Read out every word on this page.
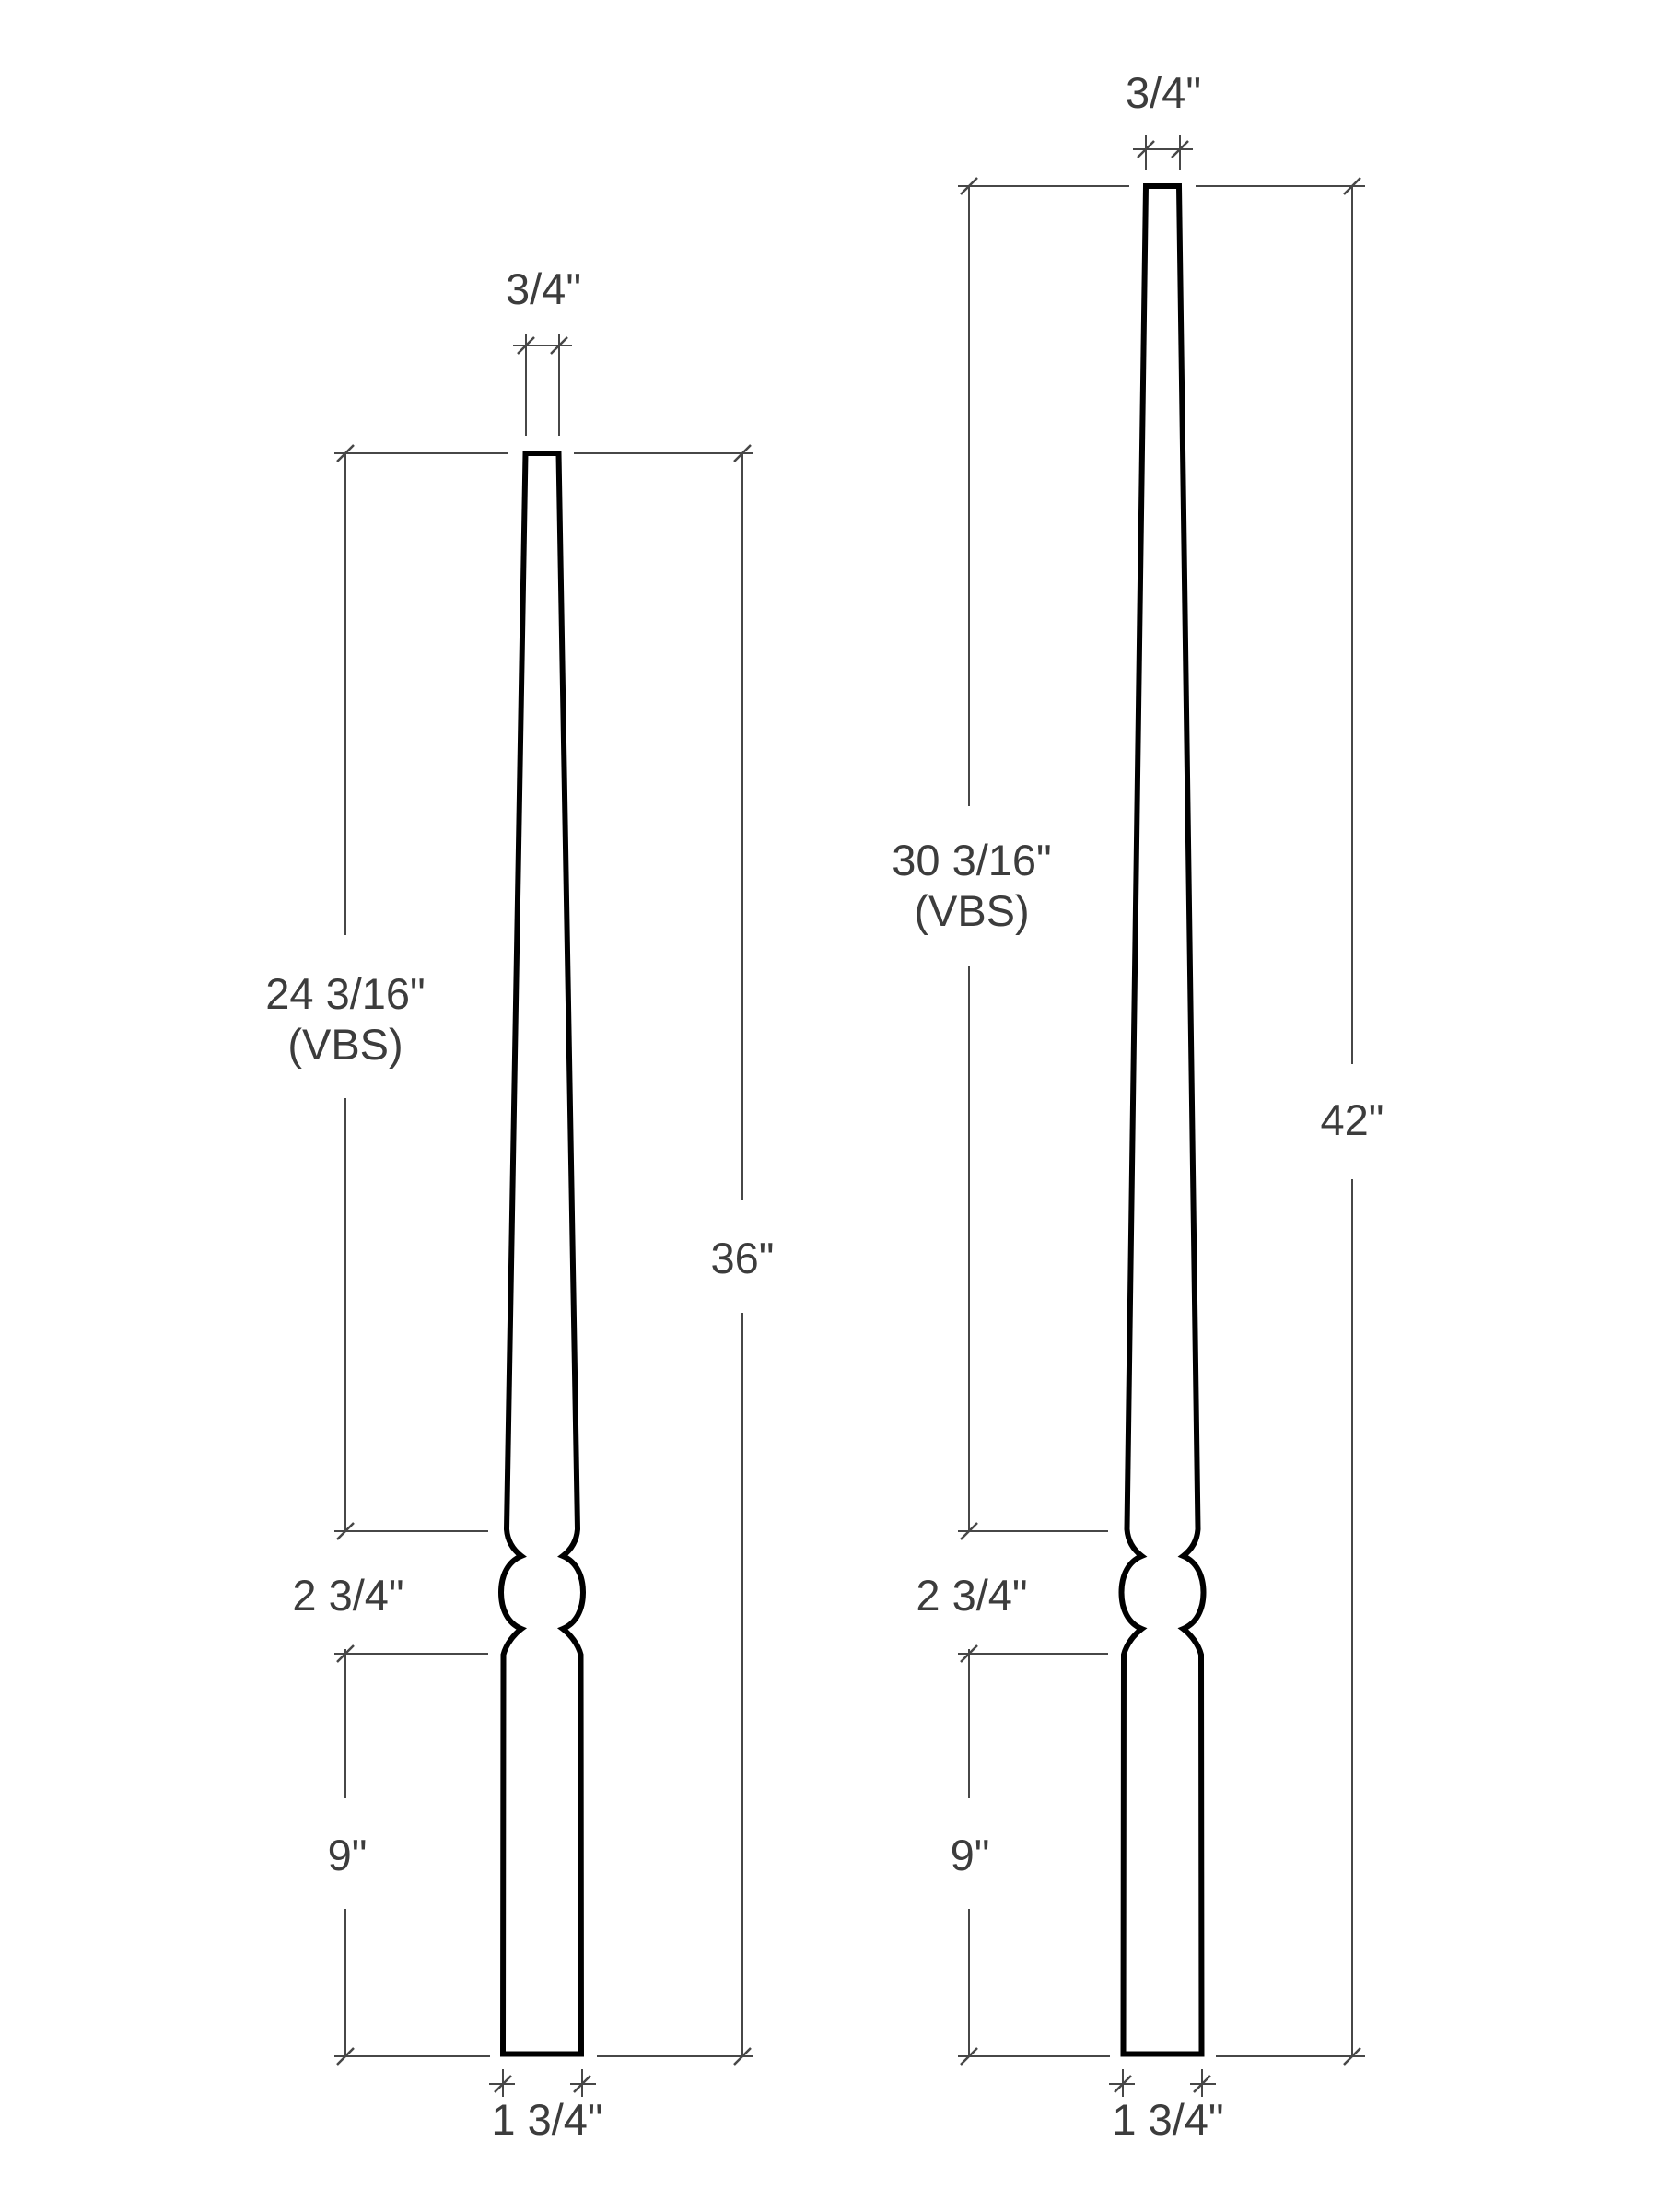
3/4"
24 3/16"
(VBS)
36"
2 3/4"
9"
1 3/4"
3/4"
30 3/16"
(VBS)
42"
2 3/4"
9"
1 3/4"
